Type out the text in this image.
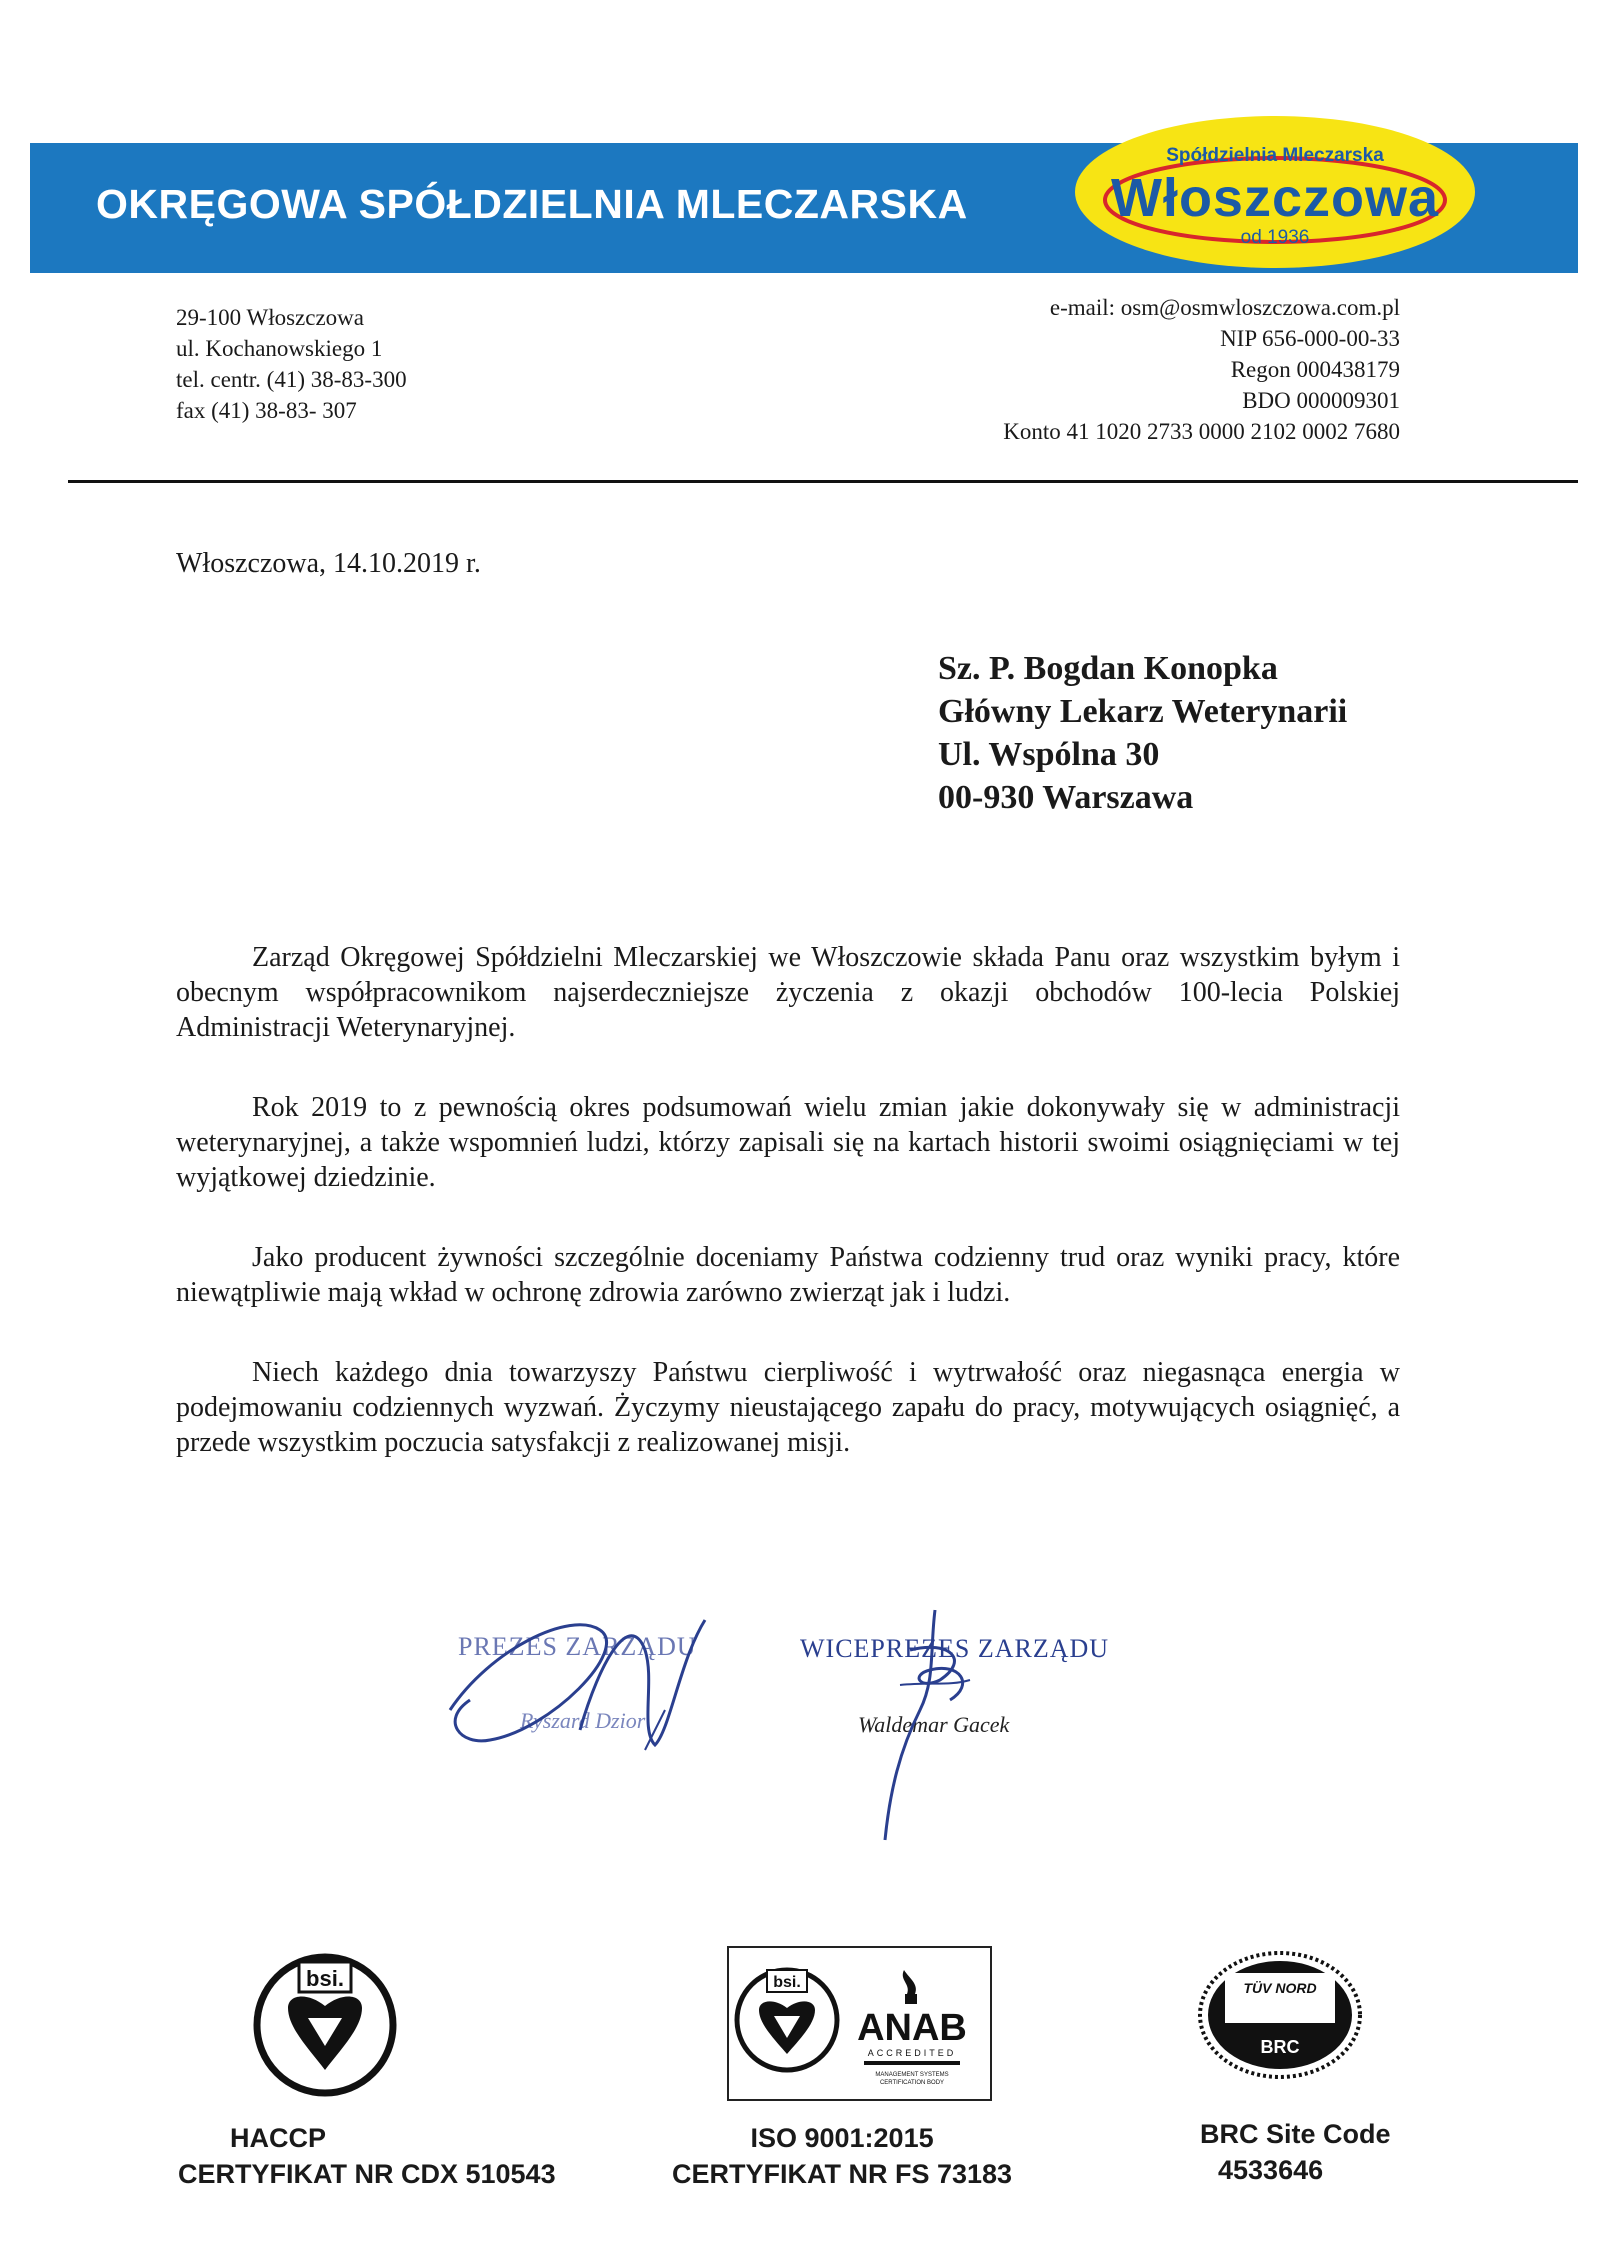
OKRĘGOWA SPÓŁDZIELNIA MLECZARSKA
Spółdzielnia Mleczarska
Włoszczowa
od 1936
29-100 Włoszczowa
ul. Kochanowskiego 1
tel. centr. (41) 38-83-300
fax (41) 38-83- 307
e-mail: osm@osmwloszczowa.com.pl
NIP 656-000-00-33
Regon 000438179
BDO 000009301
Konto 41 1020 2733 0000 2102 0002 7680
Włoszczowa, 14.10.2019 r.
Sz. P. Bogdan Konopka
Główny Lekarz Weterynarii
Ul. Wspólna 30
00-930 Warszawa
Zarząd Okręgowej Spółdzielni Mleczarskiej we Włoszczowie składa Panu oraz wszystkim byłym i obecnym współpracownikom najserdeczniejsze życzenia z okazji obchodów 100-lecia Polskiej Administracji Weterynaryjnej.
Rok 2019 to z pewnością okres podsumowań wielu zmian jakie dokonywały się w administracji weterynaryjnej, a także wspomnień ludzi, którzy zapisali się na kartach historii swoimi osiągnięciami w tej wyjątkowej dziedzinie.
Jako producent żywności szczególnie doceniamy Państwa codzienny trud oraz wyniki pracy, które niewątpliwie mają wkład w ochronę zdrowia zarówno zwierząt jak i ludzi.
Niech każdego dnia towarzyszy Państwu cierpliwość i wytrwałość oraz niegasnąca energia w podejmowaniu codziennych wyzwań. Życzymy nieustającego zapału do pracy, motywujących osiągnięć, a przede wszystkim poczucia satysfakcji z realizowanej misji.
PREZES ZARZĄDU
Ryszard Dzior
WICEPREZES ZARZĄDU
Waldemar Gacek
bsi.	bsi.
ANAB
ACCREDITED
MANAGEMENT SYSTEMS
CERTIFICATION BODY
TÜV NORD
BRC
HACCP
CERTYFIKAT NR CDX 510543
ISO 9001:2015
CERTYFIKAT NR FS 73183
BRC Site Code
4533646
